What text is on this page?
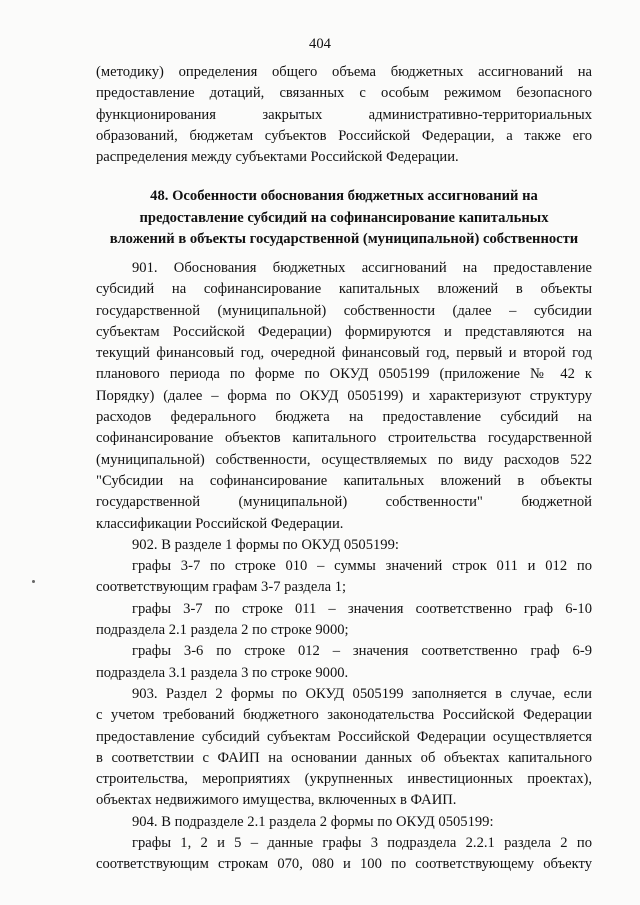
404
(методику) определения общего объема бюджетных ассигнований на
предоставление дотаций, связанных с особым режимом безопасного
функционирования закрытых административно-территориальных
образований, бюджетам субъектов Российской Федерации, а также его
распределения между субъектами Российской Федерации.
48. Особенности обоснования бюджетных ассигнований на
предоставление субсидий на софинансирование капитальных
вложений в объекты государственной (муниципальной) собственности
901. Обоснования бюджетных ассигнований на предоставление
субсидий на софинансирование капитальных вложений в объекты
государственной (муниципальной) собственности (далее – субсидии
субъектам Российской Федерации) формируются и представляются на
текущий финансовый год, очередной финансовый год, первый и второй год
планового периода по форме по ОКУД 0505199 (приложение № 42 к
Порядку) (далее – форма по ОКУД 0505199) и характеризуют структуру
расходов федерального бюджета на предоставление субсидий на
софинансирование объектов капитального строительства государственной
(муниципальной) собственности, осуществляемых по виду расходов 522
"Субсидии на софинансирование капитальных вложений в объекты
государственной (муниципальной) собственности" бюджетной
классификации Российской Федерации.
902. В разделе 1 формы по ОКУД 0505199:
графы 3-7 по строке 010 – суммы значений строк 011 и 012 по
соответствующим графам 3-7 раздела 1;
графы 3-7 по строке 011 – значения соответственно граф 6-10
подраздела 2.1 раздела 2 по строке 9000;
графы 3-6 по строке 012 – значения соответственно граф 6-9
подраздела 3.1 раздела 3 по строке 9000.
903. Раздел 2 формы по ОКУД 0505199 заполняется в случае, если
с учетом требований бюджетного законодательства Российской Федерации
предоставление субсидий субъектам Российской Федерации осуществляется
в соответствии с ФАИП на основании данных об объектах капитального
строительства, мероприятиях (укрупненных инвестиционных проектах),
объектах недвижимого имущества, включенных в ФАИП.
904. В подразделе 2.1 раздела 2 формы по ОКУД 0505199:
графы 1, 2 и 5 – данные графы 3 подраздела 2.2.1 раздела 2 по
соответствующим строкам 070, 080 и 100 по соответствующему объекту
